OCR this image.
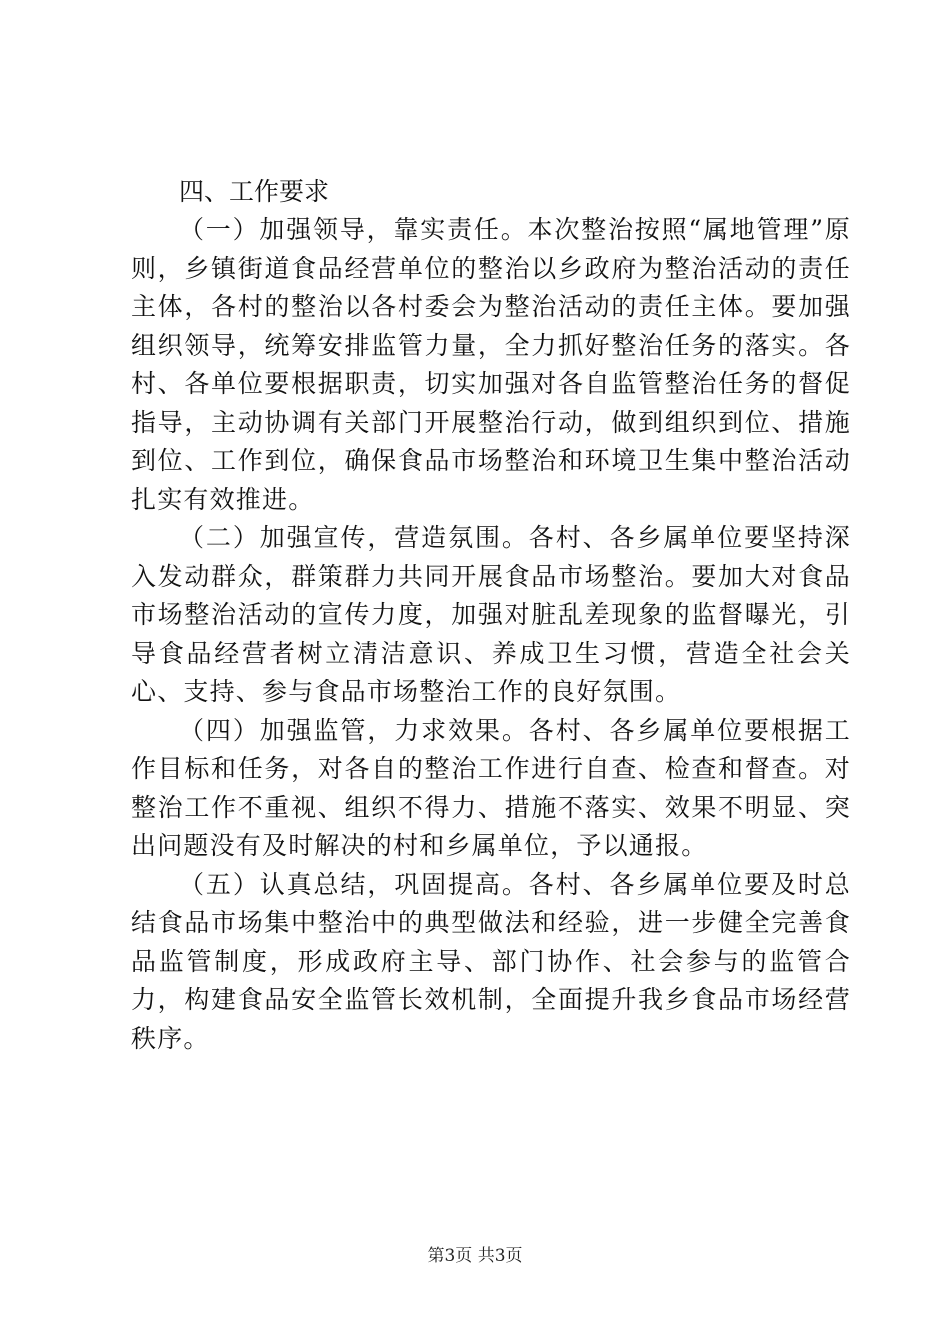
四、工作要求

（一）加强领导，靠实责任。本次整治按照“属地管理”原则，乡镇街道食品经营单位的整治以乡政府为整治活动的责任主体，各村的整治以各村委会为整治活动的责任主体。要加强组织领导，统筹安排监管力量，全力抓好整治任务的落实。各村、各单位要根据职责，切实加强对各自监管整治任务的督促指导，主动协调有关部门开展整治行动，做到组织到位、措施到位、工作到位，确保食品市场整治和环境卫生集中整治活动扎实有效推进。

（二）加强宣传，营造氛围。各村、各乡属单位要坚持深入发动群众，群策群力共同开展食品市场整治。要加大对食品市场整治活动的宣传力度，加强对脏乱差现象的监督曝光，引导食品经营者树立清洁意识、养成卫生习惯，营造全社会关心、支持、参与食品市场整治工作的良好氛围。

（四）加强监管，力求效果。各村、各乡属单位要根据工作目标和任务，对各自的整治工作进行自查、检查和督查。对整治工作不重视、组织不得力、措施不落实、效果不明显、突出问题没有及时解决的村和乡属单位，予以通报。

（五）认真总结，巩固提高。各村、各乡属单位要及时总结食品市场集中整治中的典型做法和经验，进一步健全完善食品监管制度，形成政府主导、部门协作、社会参与的监管合力，构建食品安全监管长效机制，全面提升我乡食品市场经营秩序。

第3页 共3页
